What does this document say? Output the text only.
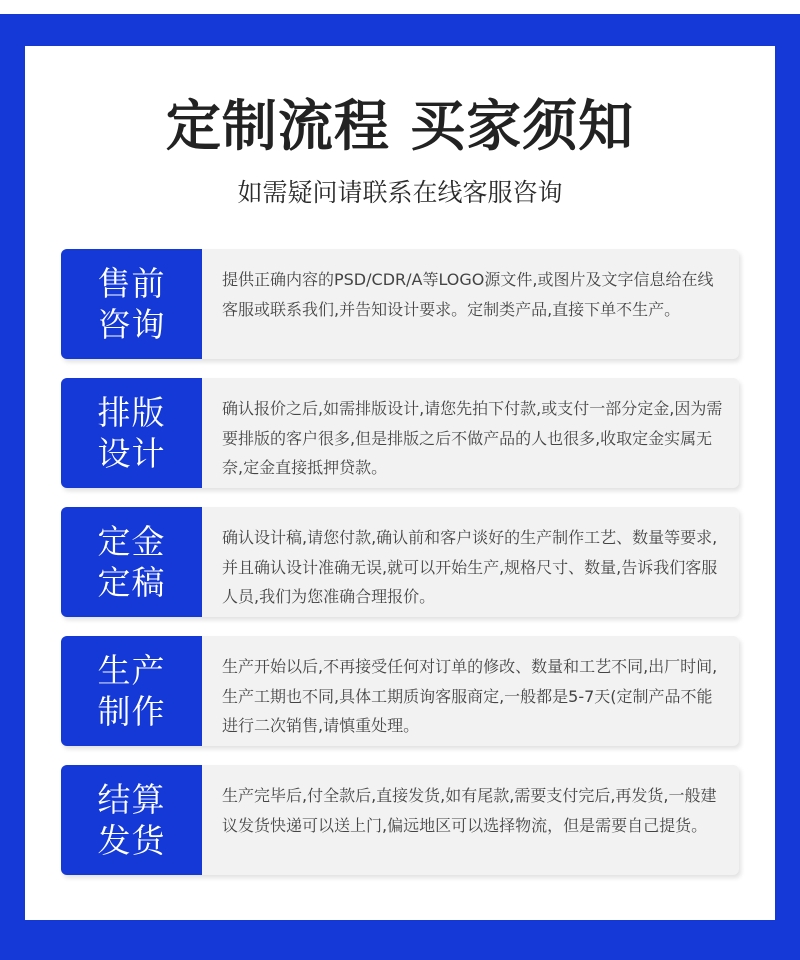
定制流程 买家须知
如需疑问请联系在线客服咨询
售前
咨询
提供正确内容的PSD/CDR/A等LOGO源文件,或图片及文字信息给在线客服或联系我们,并告知设计要求。定制类产品,直接下单不生产。
排版
设计
确认报价之后,如需排版设计,请您先拍下付款,或支付一部分定金,因为需要排版的客户很多,但是排版之后不做产品的人也很多,收取定金实属无奈,定金直接抵押贷款。
定金
定稿
确认设计稿,请您付款,确认前和客户谈好的生产制作工艺、数量等要求,并且确认设计准确无误,就可以开始生产,规格尺寸、数量,告诉我们客服人员,我们为您准确合理报价。
生产
制作
生产开始以后,不再接受任何对订单的修改、数量和工艺不同,出厂时间,生产工期也不同,具体工期质询客服商定,一般都是5-7天(定制产品不能进行二次销售,请慎重处理。
结算
发货
生产完毕后,付全款后,直接发货,如有尾款,需要支付完后,再发货,一般建议发货快递可以送上门,偏远地区可以选择物流，但是需要自己提货。
